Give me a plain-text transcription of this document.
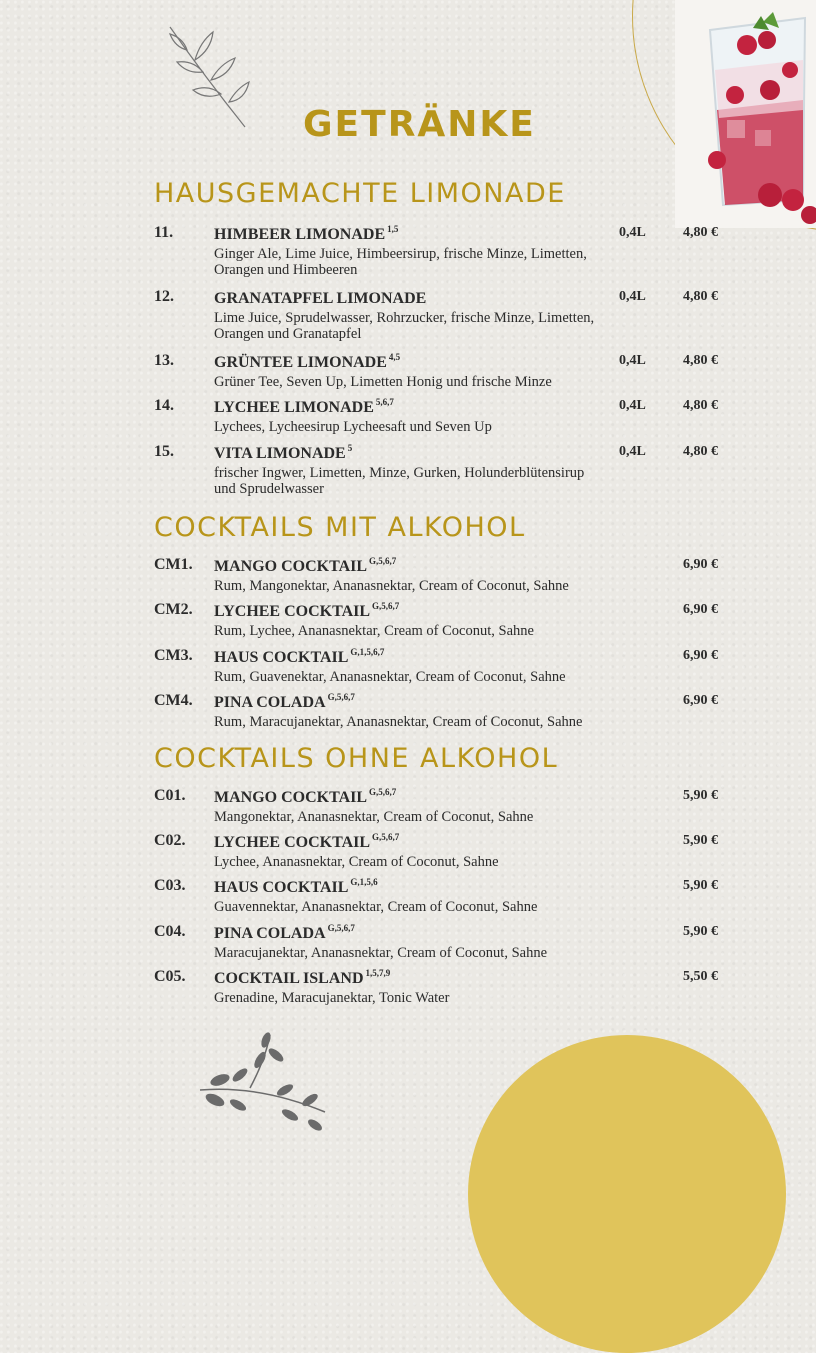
GETRÄNKE
HAUSGEMACHTE LIMONADE
11.	HIMBEER LIMONADE $^{1,5}$	0,4L	4,80 €
Ginger Ale, Lime Juice, Himbeersirup, frische Minze, Limetten, Orangen und Himbeeren
12.	GRANATAPFEL LIMONADE	0,4L	4,80 €
Lime Juice, Sprudelwasser, Rohrzucker, frische Minze, Limetten, Orangen und Granatapfel
13.	GRÜNTEE LIMONADE $^{4,5}$	0,4L	4,80 €
Grüner Tee, Seven Up, Limetten Honig und frische Minze
14.	LYCHEE LIMONADE $^{5,6,7}$	0,4L	4,80 €
Lychees, Lycheesirup Lycheesaft und Seven Up
15.	VITA LIMONADE $^5$	0,4L	4,80 €
frischer Ingwer, Limetten, Minze, Gurken, Holunderblütensirup und Sprudelwasser
COCKTAILS MIT ALKOHOL
CM1. MANGO COCKTAIL $^{G,5,6,7}$	6,90 €
Rum, Mangonektar, Ananasnektar, Cream of Coconut, Sahne
CM2. LYCHEE COCKTAIL $^{G,5,6,7}$	6,90 €
Rum, Lychee, Ananasnektar, Cream of Coconut, Sahne
CM3. HAUS COCKTAIL $^{G,1,5,6,7}$	6,90 €
Rum, Guavenektar, Ananasnektar, Cream of Coconut, Sahne
CM4. PINA COLADA $^{G,5,6,7}$	6,90 €
Rum, Maracujanektar, Ananasnektar, Cream of Coconut, Sahne
COCKTAILS OHNE ALKOHOL
C01. MANGO COCKTAIL $^{G,5,6,7}$	5,90 €
Mangonektar, Ananasnektar, Cream of Coconut, Sahne
C02. LYCHEE COCKTAIL $^{G,5,6,7}$	5,90 €
Lychee, Ananasnektar, Cream of Coconut, Sahne
C03. HAUS COCKTAIL $^{G,1,5,6}$	5,90 €
Guavennektar, Ananasnektar, Cream of Coconut, Sahne
C04. PINA COLADA $^{G,5,6,7}$	5,90 €
Maracujanektar, Ananasnektar, Cream of Coconut, Sahne
C05. COCKTAIL ISLAND $^{1,5,7,9}$	5,50 €
Grenadine, Maracujanektar, Tonic Water
